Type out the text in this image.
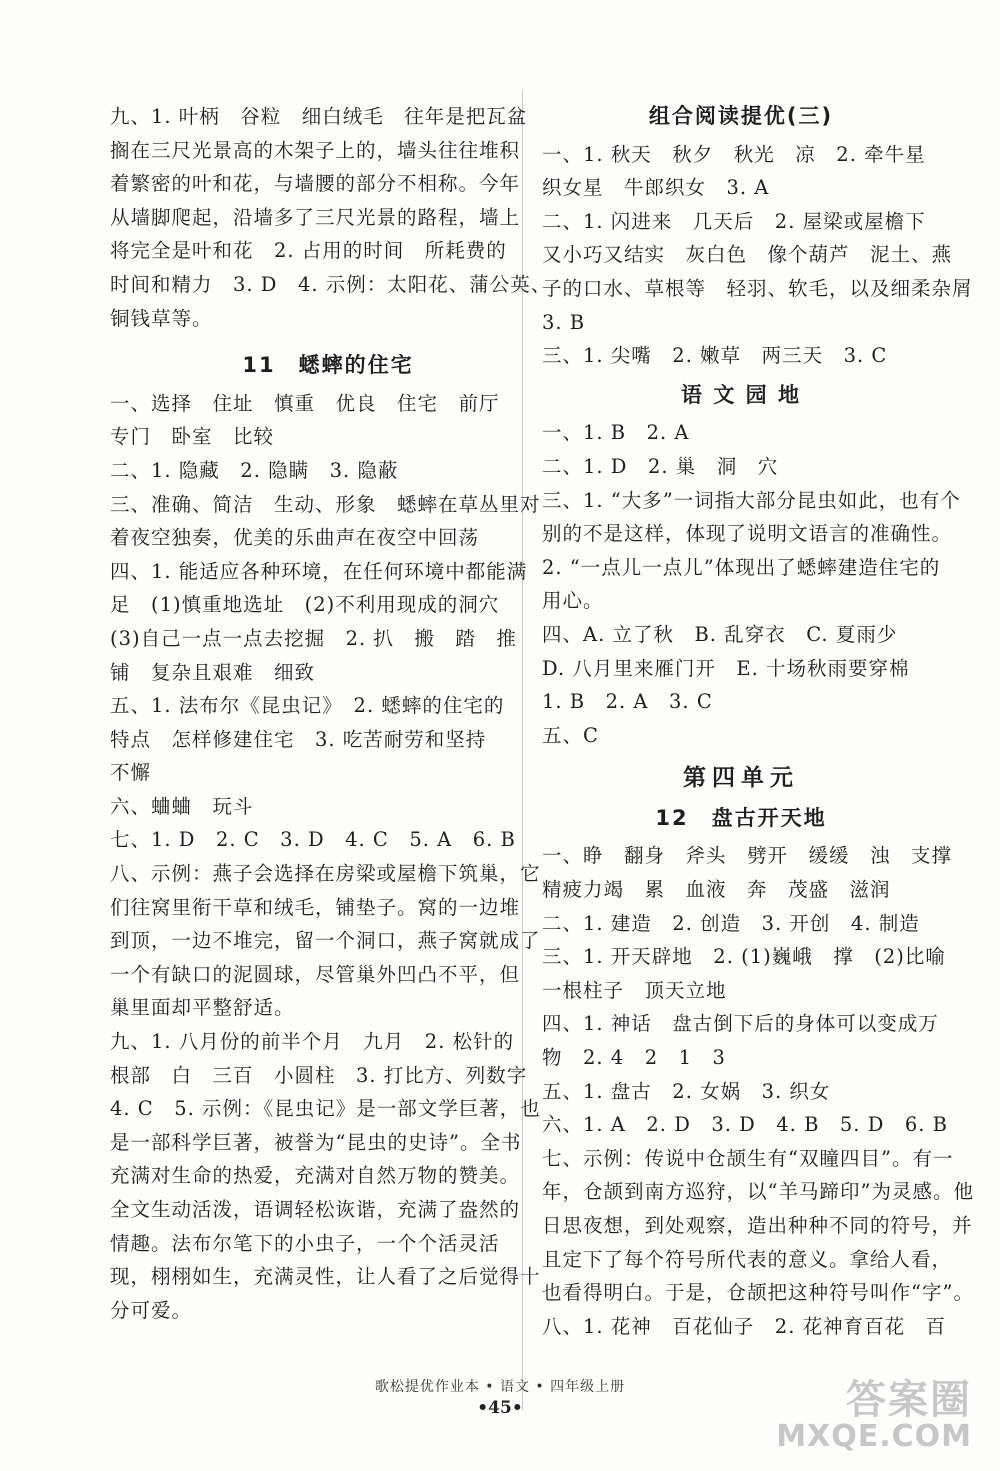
九、1. 叶柄　谷粒　细白绒毛　往年是把瓦盆
搁在三尺光景高的木架子上的，墙头往往堆积
着繁密的叶和花，与墙腰的部分不相称。今年
从墙脚爬起，沿墙多了三尺光景的路程，墙上
将完全是叶和花　2. 占用的时间　所耗费的
时间和精力　3. D　4. 示例：太阳花、蒲公英、
铜钱草等。
11　蟋蟀的住宅
一、选择　住址　慎重　优良　住宅　前厅
专门　卧室　比较
二、1. 隐藏　2. 隐瞒　3. 隐蔽
三、准确、简洁　生动、形象　蟋蟀在草丛里对
着夜空独奏，优美的乐曲声在夜空中回荡
四、1. 能适应各种环境，在任何环境中都能满
足　(1)慎重地选址　(2)不利用现成的洞穴
(3)自己一点一点去挖掘　2. 扒　搬　踏　推
铺　复杂且艰难　细致
五、1. 法布尔《昆虫记》　2. 蟋蟀的住宅的
特点　怎样修建住宅　3. 吃苦耐劳和坚持
不懈
六、蛐蛐　玩斗
七、1. D　2. C　3. D　4. C　5. A　6. B
八、示例：燕子会选择在房梁或屋檐下筑巢，它
们往窝里衔干草和绒毛，铺垫子。窝的一边堆
到顶，一边不堆完，留一个洞口，燕子窝就成了
一个有缺口的泥圆球，尽管巢外凹凸不平，但
巢里面却平整舒适。
九、1. 八月份的前半个月　九月　2. 松针的
根部　白　三百　小圆柱　3. 打比方、列数字
4. C　5. 示例：《昆虫记》是一部文学巨著，也
是一部科学巨著，被誉为“昆虫的史诗”。全书
充满对生命的热爱，充满对自然万物的赞美。
全文生动活泼，语调轻松诙谐，充满了盎然的
情趣。法布尔笔下的小虫子，一个个活灵活
现，栩栩如生，充满灵性，让人看了之后觉得十
分可爱。
组合阅读提优(三)
一、1. 秋天　秋夕　秋光　凉　2. 牵牛星
织女星　牛郎织女　3. A
二、1. 闪进来　几天后　2. 屋梁或屋檐下
又小巧又结实　灰白色　像个葫芦　泥土、燕
子的口水、草根等　轻羽、软毛，以及细柔杂屑
3. B
三、1. 尖嘴　2. 嫩草　两三天　3. C
语 文 园 地
一、1. B　2. A
二、1. D　2. 巢　洞　穴
三、1. “大多”一词指大部分昆虫如此，也有个
别的不是这样，体现了说明文语言的准确性。
2. “一点儿一点儿”体现出了蟋蟀建造住宅的
用心。
四、A. 立了秋　B. 乱穿衣　C. 夏雨少
D. 八月里来雁门开　E. 十场秋雨要穿棉
1. B　2. A　3. C
五、C
第四单元
12　盘古开天地
一、睁　翻身　斧头　劈开　缓缓　浊　支撑
精疲力竭　累　血液　奔　茂盛　滋润
二、1. 建造　2. 创造　3. 开创　4. 制造
三、1. 开天辟地　2. (1)巍峨　撑　(2)比喻
一根柱子　顶天立地
四、1. 神话　盘古倒下后的身体可以变成万
物　2. 4　2　1　3
五、1. 盘古　2. 女娲　3. 织女
六、1. A　2. D　3. D　4. B　5. D　6. B
七、示例：传说中仓颉生有“双瞳四目”。有一
年，仓颉到南方巡狩，以“羊马蹄印”为灵感。他
日思夜想，到处观察，造出种种不同的符号，并
且定下了每个符号所代表的意义。拿给人看，
也看得明白。于是，仓颉把这种符号叫作“字”。
八、1. 花神　百花仙子　2. 花神育百花　百
歌松提优作业本 • 语文 • 四年级上册
•45•	答案圈
MXQE.COM
